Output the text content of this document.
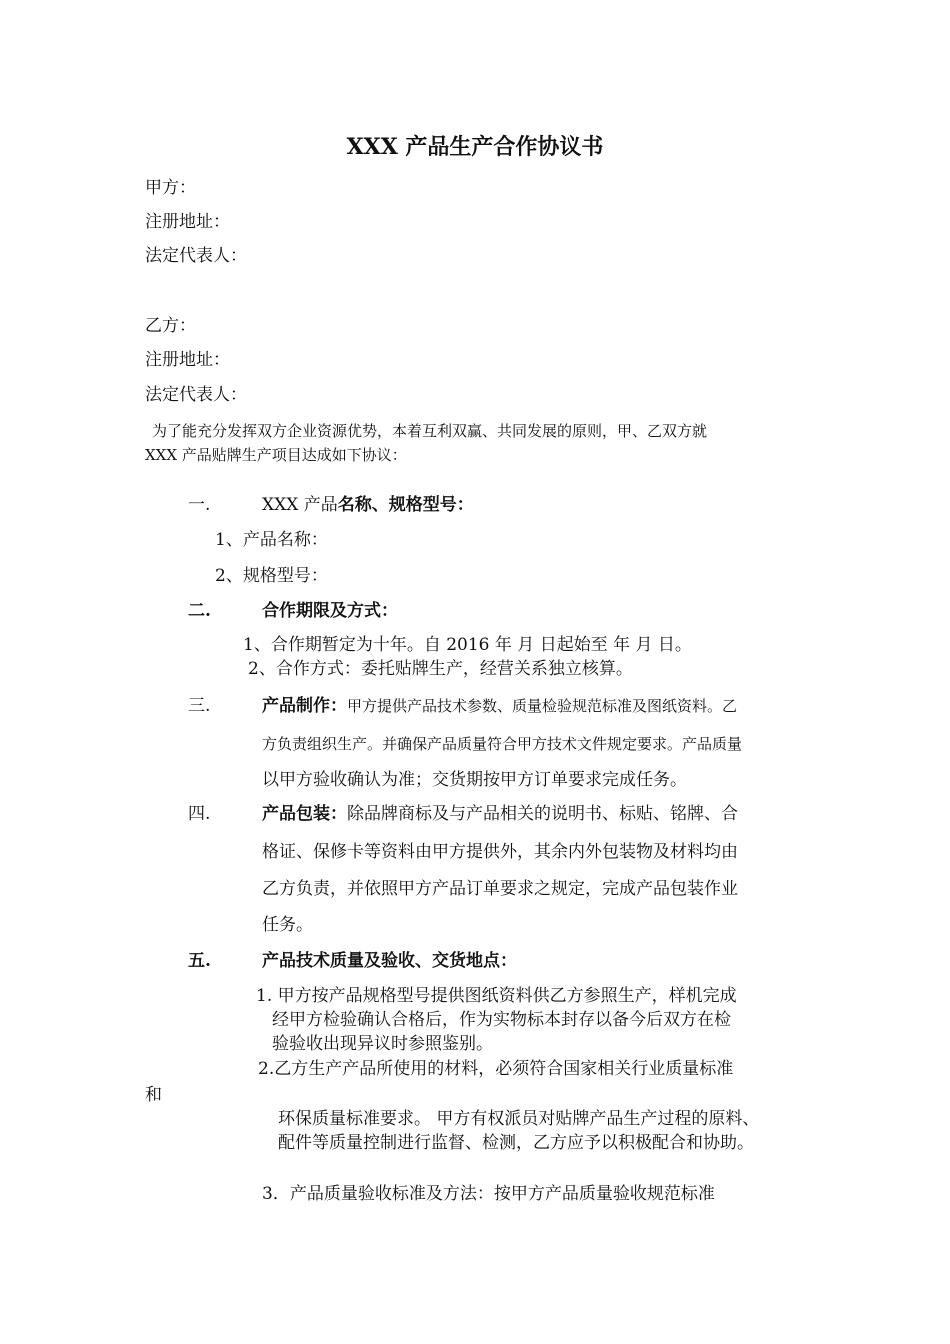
XXX 产品生产合作协议书
甲方：
注册地址：
法定代表人：
乙方：
注册地址：
法定代表人：
为了能充分发挥双方企业资源优势，本着互利双赢、共同发展的原则，甲、乙双方就
XXX 产品贴牌生产项目达成如下协议：
一.	XXX 产品名称、规格型号：
1、产品名称：
2、规格型号：
二.	合作期限及方式：
1、合作期暂定为十年。自 2016 年 月 日起始至 年 月 日。
2、合作方式：委托贴牌生产，经营关系独立核算。
三.	产品制作：甲方提供产品技术参数、质量检验规范标准及图纸资料。乙
方负责组织生产。并确保产品质量符合甲方技术文件规定要求。产品质量
以甲方验收确认为准；交货期按甲方订单要求完成任务。
四.	产品包装：除品牌商标及与产品相关的说明书、标贴、铭牌、合
格证、保修卡等资料由甲方提供外，其余内外包装物及材料均由
乙方负责，并依照甲方产品订单要求之规定，完成产品包装作业
任务。
五.	产品技术质量及验收、交货地点：
1. 甲方按产品规格型号提供图纸资料供乙方参照生产，样机完成
经甲方检验确认合格后，作为实物标本封存以备今后双方在检
验验收出现异议时参照鉴别。
2.乙方生产产品所使用的材料，必须符合国家相关行业质量标准
和
环保质量标准要求。 甲方有权派员对贴牌产品生产过程的原料、
配件等质量控制进行监督、检测，乙方应予以积极配合和协助。
3．产品质量验收标准及方法：按甲方产品质量验收规范标准
